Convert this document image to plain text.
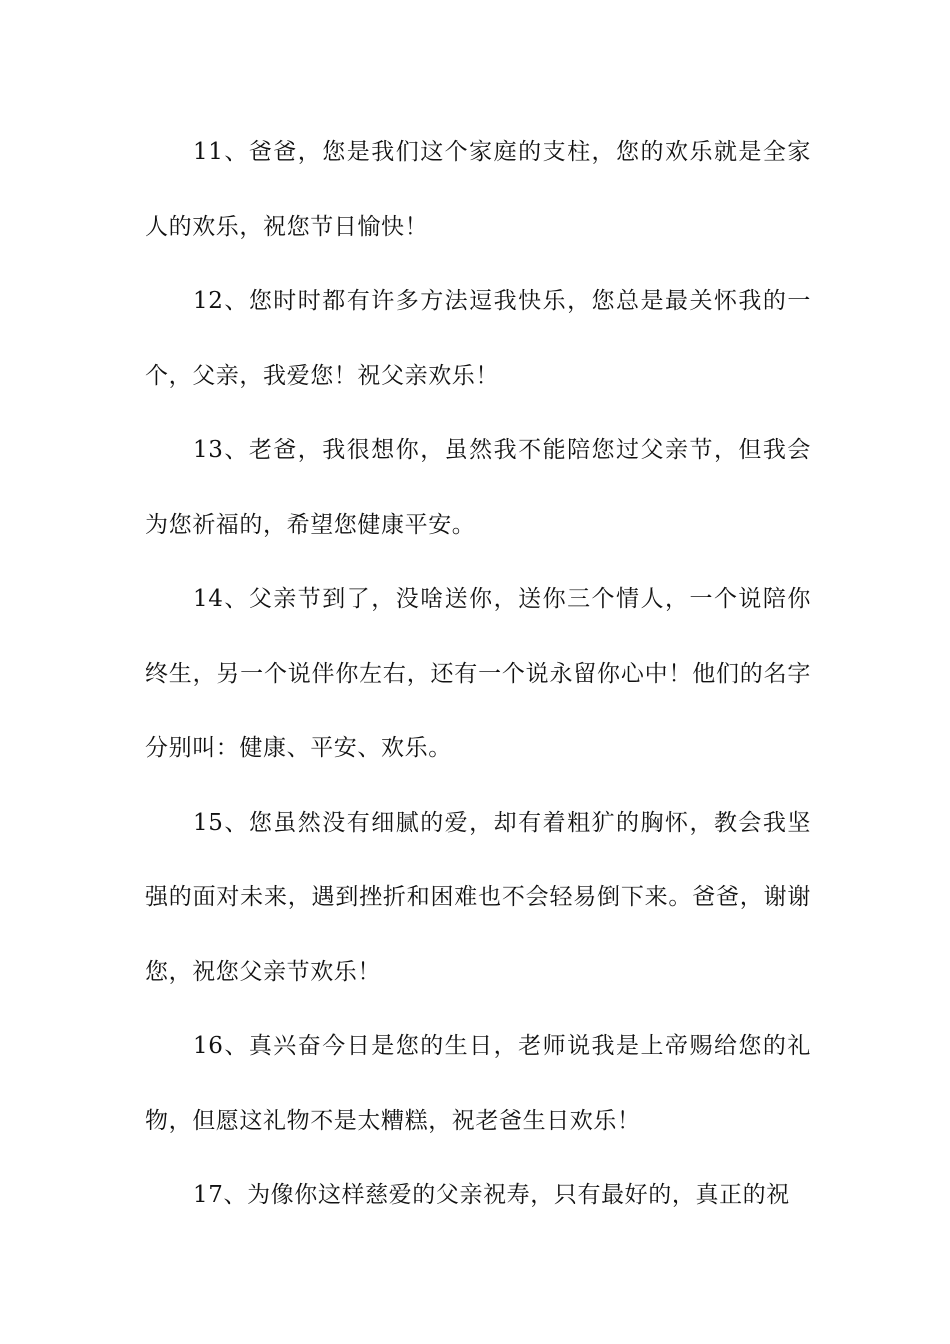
11、爸爸，您是我们这个家庭的支柱，您的欢乐就是全家人的欢乐，祝您节日愉快！

12、您时时都有许多方法逗我快乐，您总是最关怀我的一个，父亲，我爱您！祝父亲欢乐！

13、老爸，我很想你，虽然我不能陪您过父亲节，但我会为您祈福的，希望您健康平安。

14、父亲节到了，没啥送你，送你三个情人，一个说陪你终生，另一个说伴你左右，还有一个说永留你心中！他们的名字分别叫：健康、平安、欢乐。

15、您虽然没有细腻的爱，却有着粗犷的胸怀，教会我坚强的面对未来，遇到挫折和困难也不会轻易倒下来。爸爸，谢谢您，祝您父亲节欢乐！

16、真兴奋今日是您的生日，老师说我是上帝赐给您的礼物，但愿这礼物不是太糟糕，祝老爸生日欢乐！

17、为像你这样慈爱的父亲祝寿，只有最好的，真正的祝
